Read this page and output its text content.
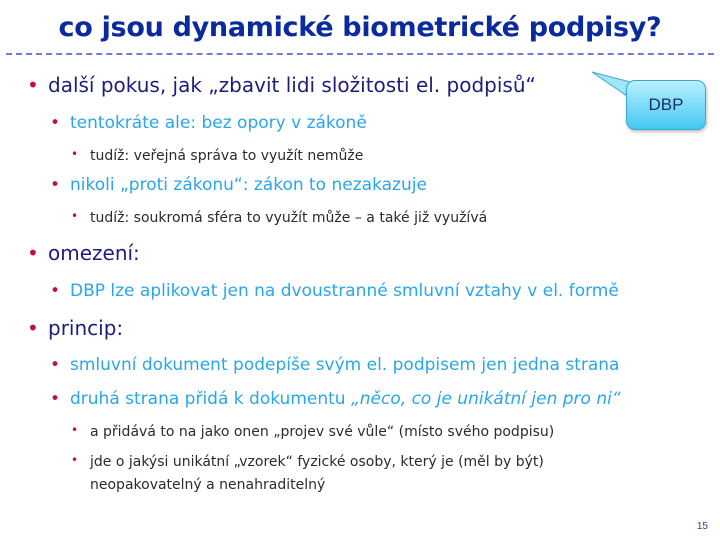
co jsou dynamické biometrické podpisy?
DBP
• další pokus, jak „zbavit lidi složitosti el. podpisů“
• tentokráte ale: bez opory v zákoně
• tudíž: veřejná správa to využít nemůže
• nikoli „proti zákonu“: zákon to nezakazuje
• tudíž: soukromá sféra to využít může – a také již využívá
• omezení:
• DBP lze aplikovat jen na dvoustranné smluvní vztahy v el. formě
• princip:
• smluvní dokument podepíše svým el. podpisem jen jedna strana
• druhá strana přidá k dokumentu „něco, co je unikátní jen pro ni“
• a přidává to na jako onen „projev své vůle“ (místo svého podpisu)
• jde o jakýsi unikátní „vzorek“ fyzické osoby, který je (měl by být)
neopakovatelný a nenahraditelný
15
